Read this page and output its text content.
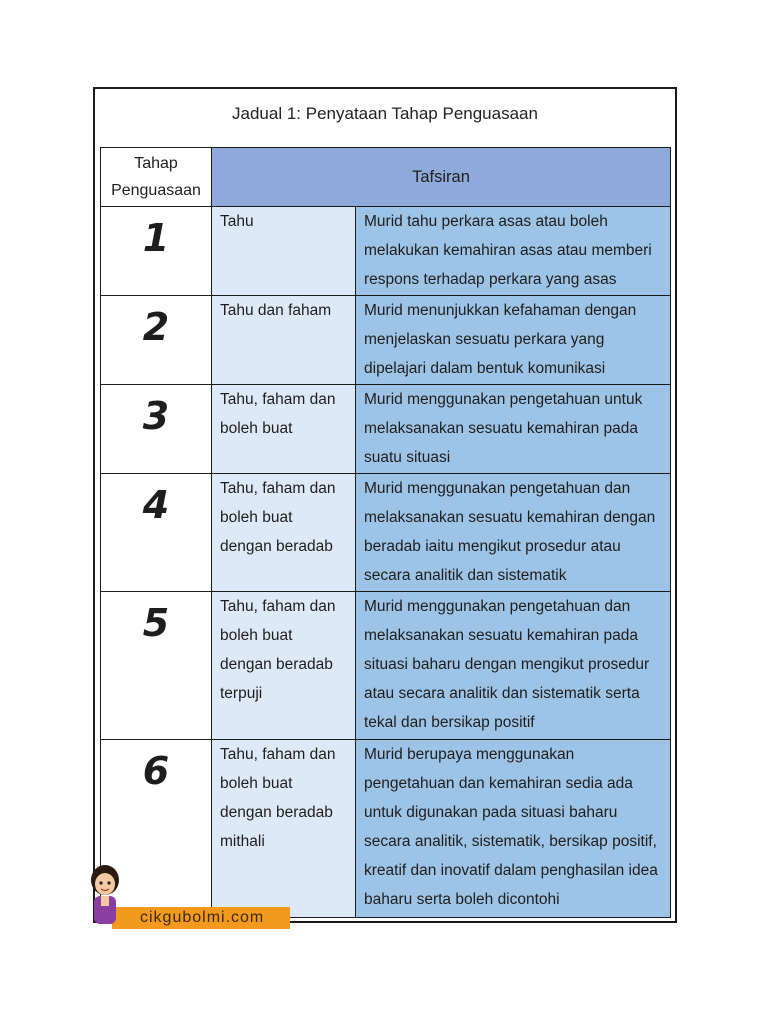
Jadual 1: Penyataan Tahap Penguasaan
Tahap Penguasaan	Tafsiran	
1	Tahu	Murid tahu perkara asas atau boleh melakukan kemahiran asas atau memberi respons terhadap perkara yang asas
2	Tahu dan faham	Murid menunjukkan kefahaman dengan menjelaskan sesuatu perkara yang dipelajari dalam bentuk komunikasi
3	Tahu, faham dan boleh buat	Murid menggunakan pengetahuan untuk melaksanakan sesuatu kemahiran pada suatu situasi
4	Tahu, faham dan boleh buat dengan beradab	Murid menggunakan pengetahuan dan melaksanakan sesuatu kemahiran dengan beradab iaitu mengikut prosedur atau secara analitik dan sistematik
5	Tahu, faham dan boleh buat dengan beradab terpuji	Murid menggunakan pengetahuan dan melaksanakan sesuatu kemahiran pada situasi baharu dengan mengikut prosedur atau secara analitik dan sistematik serta tekal dan bersikap positif
6	Tahu, faham dan boleh buat dengan beradab mithali	Murid berupaya menggunakan pengetahuan dan kemahiran sedia ada untuk digunakan pada situasi baharu secara analitik, sistematik, bersikap positif, kreatif dan inovatif dalam penghasilan idea baharu serta boleh dicontohi
cikgubolmi.com
